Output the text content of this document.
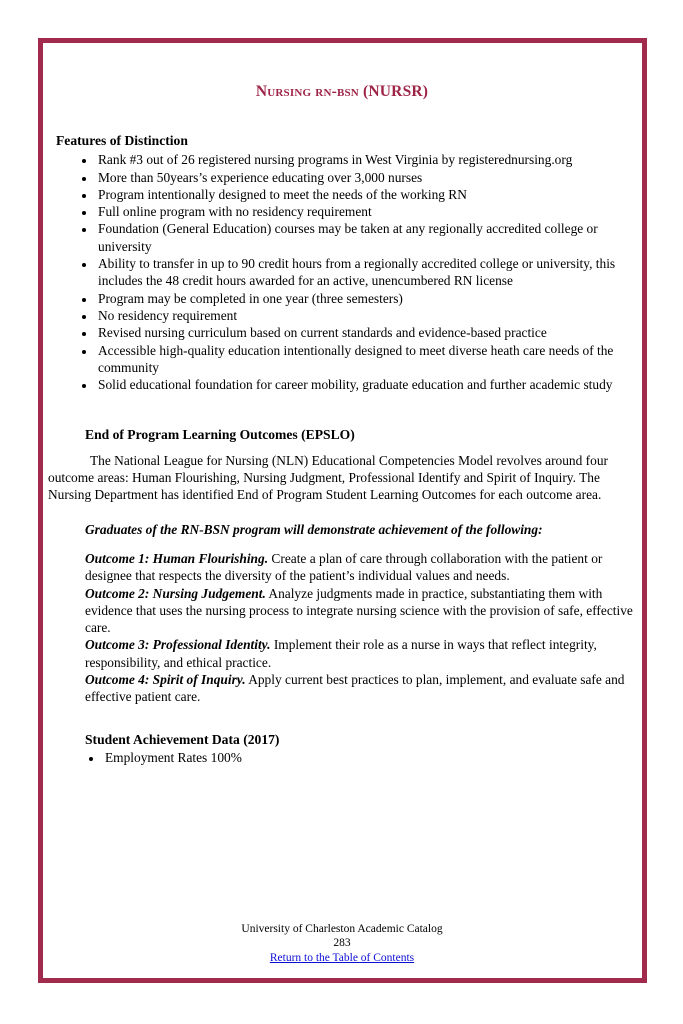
Nursing rn-bsn (NURSR)
Features of Distinction
• Rank #3 out of 26 registered nursing programs in West Virginia by registerednursing.org
• More than 50years’s experience educating over 3,000 nurses
• Program intentionally designed to meet the needs of the working RN
• Full online program with no residency requirement
• Foundation (General Education) courses may be taken at any regionally accredited college or university
• Ability to transfer in up to 90 credit hours from a regionally accredited college or university, this includes the 48 credit hours awarded for an active, unencumbered RN license
• Program may be completed in one year (three semesters)
• No residency requirement
• Revised nursing curriculum based on current standards and evidence-based practice
• Accessible high-quality education intentionally designed to meet diverse heath care needs of the community
• Solid educational foundation for career mobility, graduate education and further academic study
End of Program Learning Outcomes (EPSLO)

The National League for Nursing (NLN) Educational Competencies Model revolves around four outcome areas: Human Flourishing, Nursing Judgment, Professional Identify and Spirit of Inquiry. The Nursing Department has identified End of Program Student Learning Outcomes for each outcome area.

Graduates of the RN-BSN program will demonstrate achievement of the following:

Outcome 1: Human Flourishing. Create a plan of care through collaboration with the patient or designee that respects the diversity of the patient’s individual values and needs.

Outcome 2: Nursing Judgement. Analyze judgments made in practice, substantiating them with evidence that uses the nursing process to integrate nursing science with the provision of safe, effective care.

Outcome 3: Professional Identity. Implement their role as a nurse in ways that reflect integrity, responsibility, and ethical practice.

Outcome 4: Spirit of Inquiry. Apply current best practices to plan, implement, and evaluate safe and effective patient care.

Student Achievement Data (2017)
• Employment Rates 100%
University of Charleston Academic Catalog
283
Return to the Table of Contents
